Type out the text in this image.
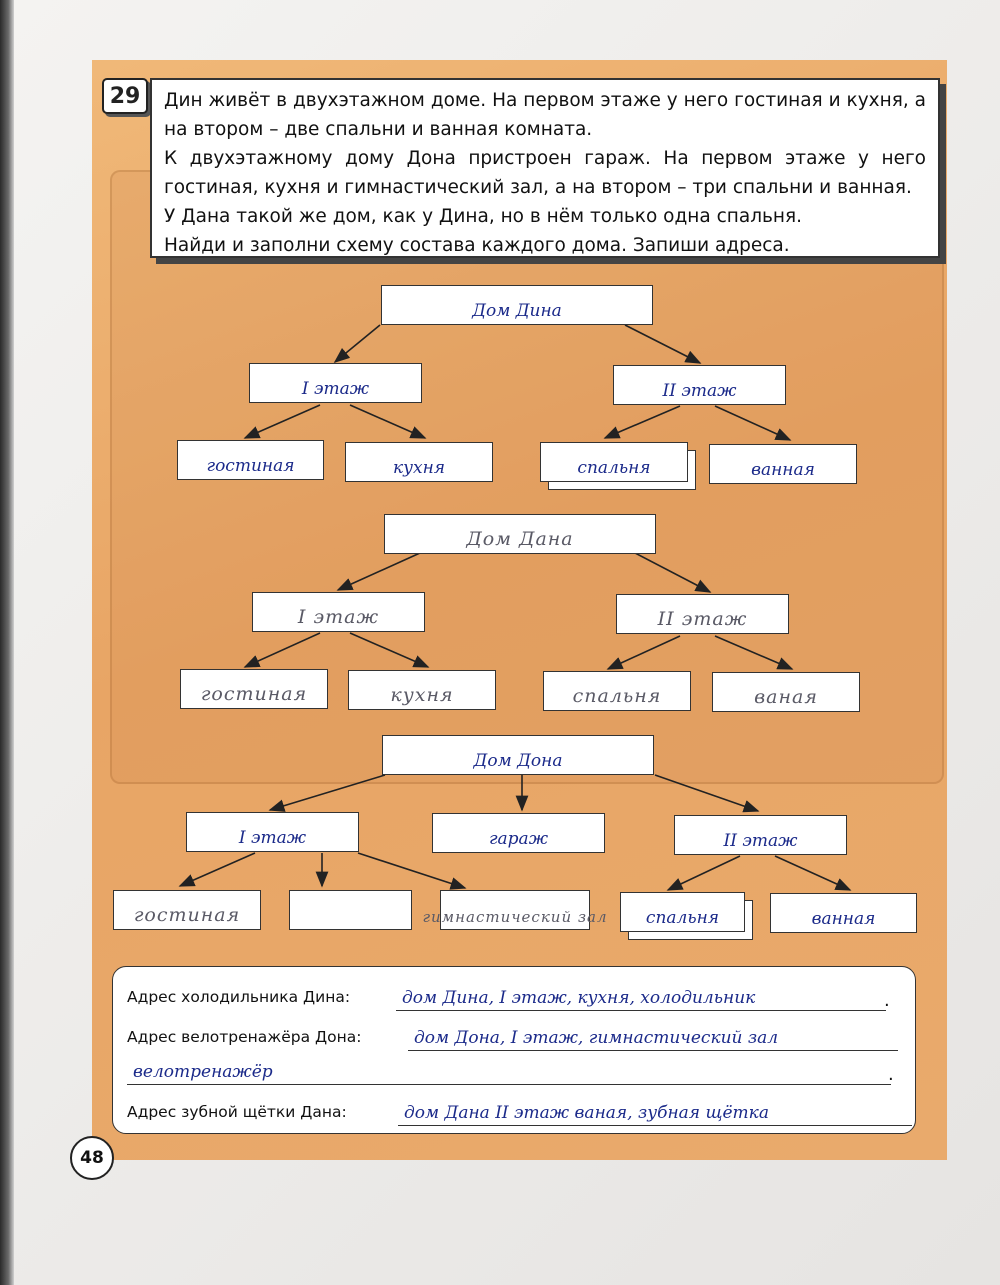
29	Дин живёт в двухэтажном доме. На первом этаже у него гостиная и кухня, а на втором – две спальни и ванная комната.

К двухэтажному дому Дона пристроен гараж. На первом этаже у него гостиная, кухня и гимнастический зал, а на втором – три спальни и ванная.

У Дана такой же дом, как у Дина, но в нём только одна спальня.

Найди и заполни схему состава каждого дома. Запиши адреса.

Дом Дина
I этаж	II этаж
гостиная	кухня	спальня	ванная
Дом Дана
I этаж	II этаж
гостиная	кухня	спальня	ваная
Дом Дона
I этаж	гараж	II этаж
гостиная	гимнастический зал	спальня	ванная
Адрес холодильника Дина:	дом Дина, I этаж, кухня, холодильник	.
Адрес велотренажёра Дона:	дом Дона, I этаж, гимнастический зал
велотренажёр	.
Адрес зубной щётки Дана:	дом Дана II этаж ваная, зубная щётка
48
